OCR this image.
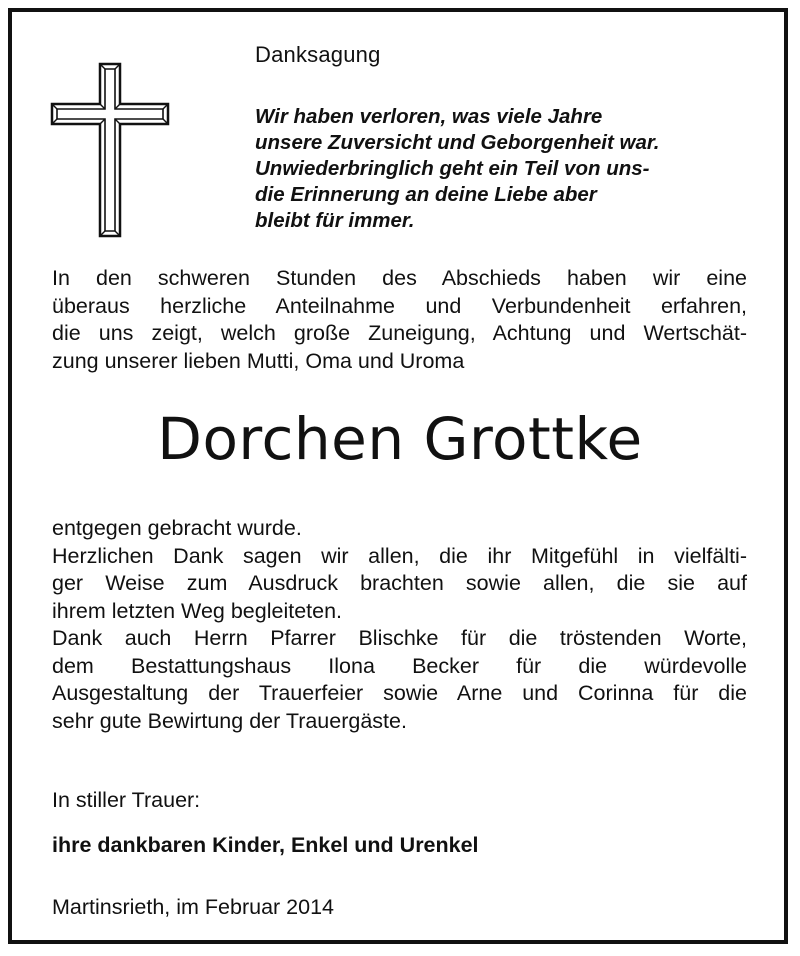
Danksagung
Wir haben verloren, was viele Jahre
unsere Zuversicht und Geborgenheit war.
Unwiederbringlich geht ein Teil von uns-
die Erinnerung an deine Liebe aber
bleibt für immer.
In den schweren Stunden des Abschieds haben wir eine
überaus herzliche Anteilnahme und Verbundenheit erfahren,
die uns zeigt, welch große Zuneigung, Achtung und Wertschät-
zung unserer lieben Mutti, Oma und Uroma
Dorchen Grottke
entgegen gebracht wurde.
Herzlichen Dank sagen wir allen, die ihr Mitgefühl in vielfälti-
ger Weise zum Ausdruck brachten sowie allen, die sie auf
ihrem letzten Weg begleiteten.
Dank auch Herrn Pfarrer Blischke für die tröstenden Worte,
dem Bestattungshaus Ilona Becker für die würdevolle
Ausgestaltung der Trauerfeier sowie Arne und Corinna für die
sehr gute Bewirtung der Trauergäste.
In stiller Trauer:
ihre dankbaren Kinder, Enkel und Urenkel
Martinsrieth, im Februar 2014
